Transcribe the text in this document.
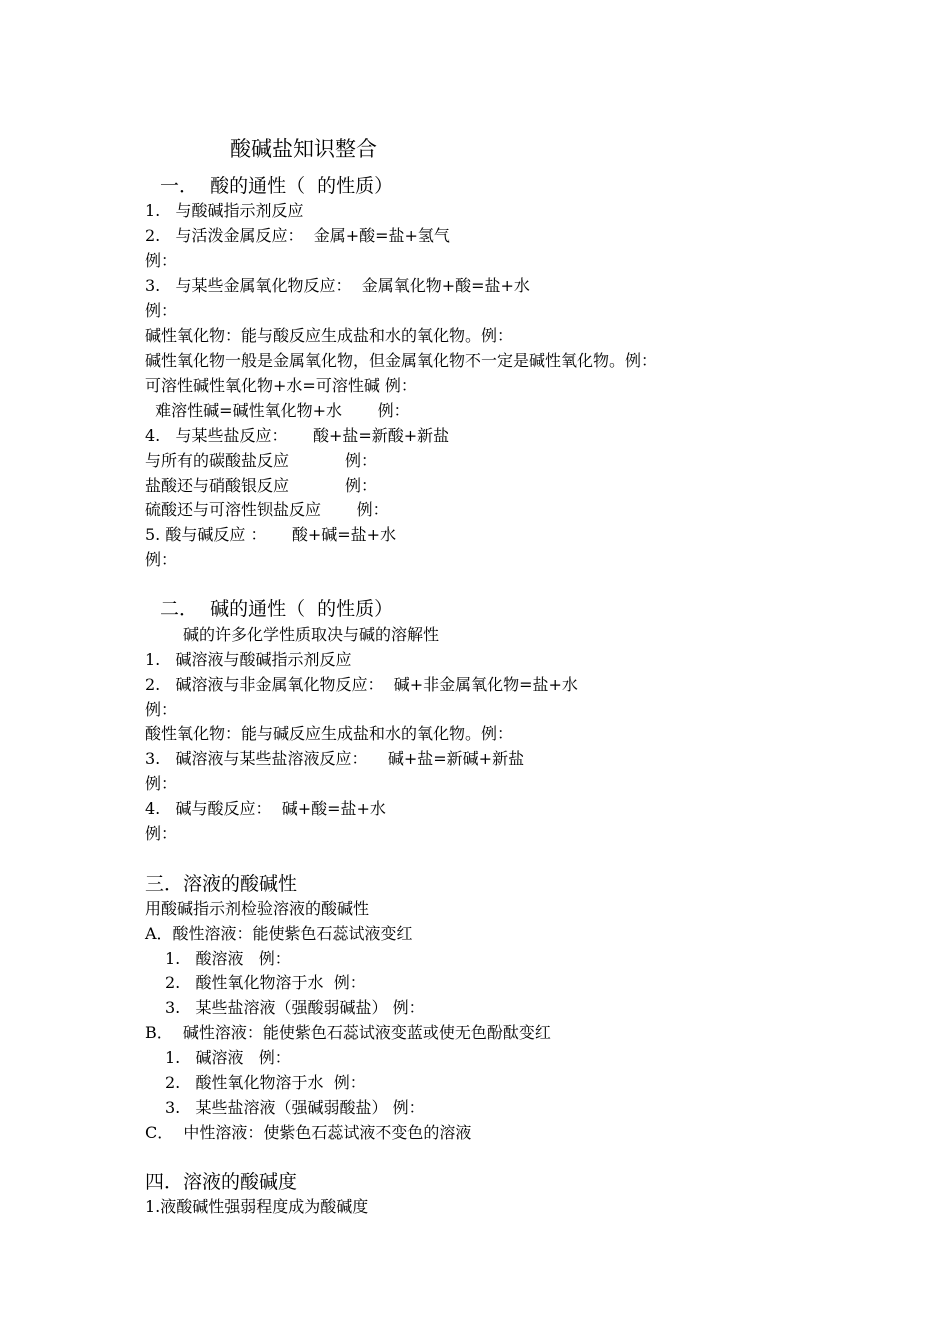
酸碱盐知识整合
一．  酸的通性（  的性质）
1.   与酸碱指示剂反应
2.   与活泼金属反应：  金属+酸=盐+氢气
例：
3.   与某些金属氧化物反应：  金属氧化物+酸=盐+水
例：
碱性氧化物：能与酸反应生成盐和水的氧化物。例：
碱性氧化物一般是金属氧化物，但金属氧化物不一定是碱性氧化物。例：
可溶性碱性氧化物+水=可溶性碱 例：
难溶性碱=碱性氧化物+水       例：
4.   与某些盐反应：     酸+盐=新酸+新盐
与所有的碳酸盐反应           例：
盐酸还与硝酸银反应           例：
硫酸还与可溶性钡盐反应       例：
5. 酸与碱反应 ：     酸+碱=盐+水
例：
二．  碱的通性（  的性质）
碱的许多化学性质取决与碱的溶解性
1.   碱溶液与酸碱指示剂反应
2.   碱溶液与非金属氧化物反应：  碱+非金属氧化物=盐+水
例：
酸性氧化物：能与碱反应生成盐和水的氧化物。例：
3.   碱溶液与某些盐溶液反应：    碱+盐=新碱+新盐
例：
4.   碱与酸反应：  碱+酸=盐+水
例：
三．溶液的酸碱性
用酸碱指示剂检验溶液的酸碱性
A．酸性溶液：能使紫色石蕊试液变红
1.   酸溶液   例：
2.   酸性氧化物溶于水  例：
3.   某些盐溶液（强酸弱碱盐） 例：
B．  碱性溶液：能使紫色石蕊试液变蓝或使无色酚酞变红
1.   碱溶液   例：
2.   酸性氧化物溶于水  例：
3.   某些盐溶液（强碱弱酸盐） 例：
C．  中性溶液：使紫色石蕊试液不变色的溶液
四．溶液的酸碱度
1.液酸碱性强弱程度成为酸碱度
